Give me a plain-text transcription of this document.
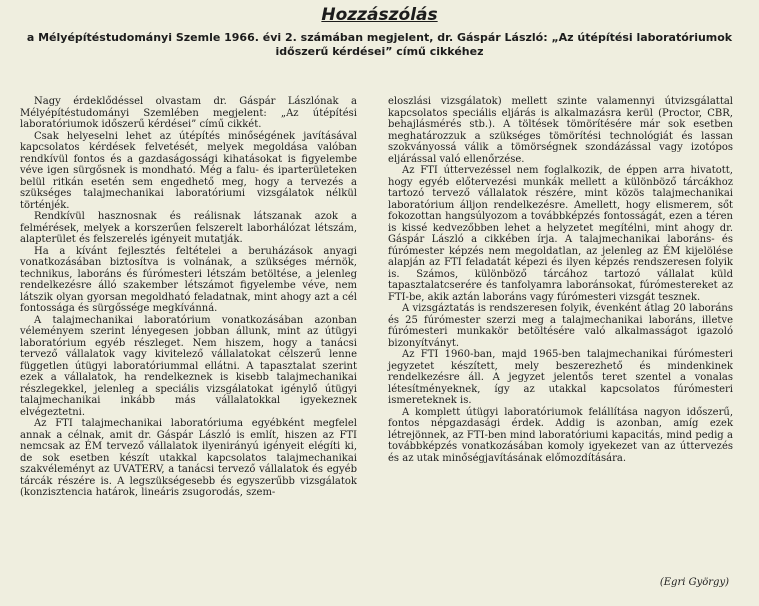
Hozzászólás
a Mélyépítéstudományi Szemle 1966. évi 2. számában megjelent, dr. Gáspár László: „Az útépítési laboratóriumok időszerű kérdései” című cikkéhez

Nagy érdeklődéssel olvastam dr. Gáspár Lászlónak a Mélyépítéstudományi Szemlében megjelent: „Az útépítési laboratóriumok időszerű kérdései” című cikkét.

Csak helyeselni lehet az útépítés minőségének javításával kapcsolatos kérdések felvetését, melyek megoldása valóban rendkívül fontos és a gazdaságossági kihatásokat is figyelembe véve igen sürgősnek is mondható. Még a falu- és iparterületeken belül ritkán esetén sem engedhető meg, hogy a tervezés a szükséges talajmechanikai laboratóriumi vizsgálatok nélkül történjék.

Rendkívül hasznosnak és reálisnak látszanak azok a felmérések, melyek a korszerűen felszerelt laborhálózat létszám, alapterület és felszerelés igényeit mutatják.

Ha a kívánt fejlesztés feltételei a beruházások anyagi vonatkozásában biztosítva is volnának, a szükséges mérnök, technikus, laboráns és fúrómesteri létszám betöltése, a jelenleg rendelkezésre álló szakember létszámot figyelembe véve, nem látszik olyan gyorsan megoldható feladatnak, mint ahogy azt a cél fontossága és sürgőssége megkívánná.

A talajmechanikai laboratórium vonatkozásában azonban véleményem szerint lényegesen jobban állunk, mint az útügyi laboratórium egyéb részleget. Nem hiszem, hogy a tanácsi tervező vállalatok vagy kivitelező vállalatokat célszerű lenne független útügyi laboratóriummal ellátni. A tapasztalat szerint ezek a vállalatok, ha rendelkeznek is kisebb talajmechanikai részlegekkel, jelenleg a speciális vizsgálatokat igénylő útügyi talajmechanikai inkább más vállalatokkal igyekeznek elvégeztetni.

Az FTI talajmechanikai laboratóriuma egyébként megfelel annak a célnak, amit dr. Gáspár László is említ, hiszen az FTI nemcsak az ÉM tervező vállalatok ilyenirányú igényeit elégíti ki, de sok esetben készít utakkal kapcsolatos talajmechanikai szakvéleményt az UVATERV, a tanácsi tervező vállalatok és egyéb tárcák részére is. A legszükségesebb és egyszerűbb vizsgálatok (konzisztencia határok, lineáris zsugorodás, szem-

eloszlási vizsgálatok) mellett szinte valamennyi útvizsgálattal kapcsolatos speciális eljárás is alkalmazásra kerül (Proctor, CBR, behajlásmérés stb.). A töltések tömörítésére már sok esetben meghatározzuk a szükséges tömörítési technológiát és lassan szokványossá válik a tömörségnek szondázással vagy izotópos eljárással való ellenőrzése.

Az FTI úttervezéssel nem foglalkozik, de éppen arra hivatott, hogy egyéb előtervezési munkák mellett a különböző tárcákhoz tartozó tervező vállalatok részére, mint közös talajmechanikai laboratórium álljon rendelkezésre. Amellett, hogy elismerem, sőt fokozottan hangsúlyozom a továbbképzés fontosságát, ezen a téren is kissé kedvezőbben lehet a helyzetet megítélni, mint ahogy dr. Gáspár László a cikkében írja. A talajmechanikai laboráns- és fúrómester képzés nem megoldatlan, az jelenleg az ÉM kijelölése alapján az FTI feladatát képezi és ilyen képzés rendszeresen folyik is. Számos, különböző tárcához tartozó vállalat küld tapasztalatcserére és tanfolyamra laboránsokat, fúrómestereket az FTI-be, akik aztán laboráns vagy fúrómesteri vizsgát tesznek.

A vizsgáztatás is rendszeresen folyik, évenként átlag 20 laboráns és 25 fúrómester szerzi meg a talajmechanikai laboráns, illetve fúrómesteri munkakör betöltésére való alkalmasságot igazoló bizonyítványt.

Az FTI 1960-ban, majd 1965-ben talajmechanikai fúrómesteri jegyzetet készített, mely beszerezhető és mindenkinek rendelkezésre áll. A jegyzet jelentős teret szentel a vonalas létesítményeknek, így az utakkal kapcsolatos fúrómesteri ismereteknek is.

A komplett útügyi laboratóriumok felállítása nagyon időszerű, fontos népgazdasági érdek. Addig is azonban, amíg ezek létrejönnek, az FTI-ben mind laboratóriumi kapacitás, mind pedig a továbbképzés vonatkozásában komoly igyekezet van az úttervezés és az utak minőségjavításának előmozdítására.

(Egri György)
